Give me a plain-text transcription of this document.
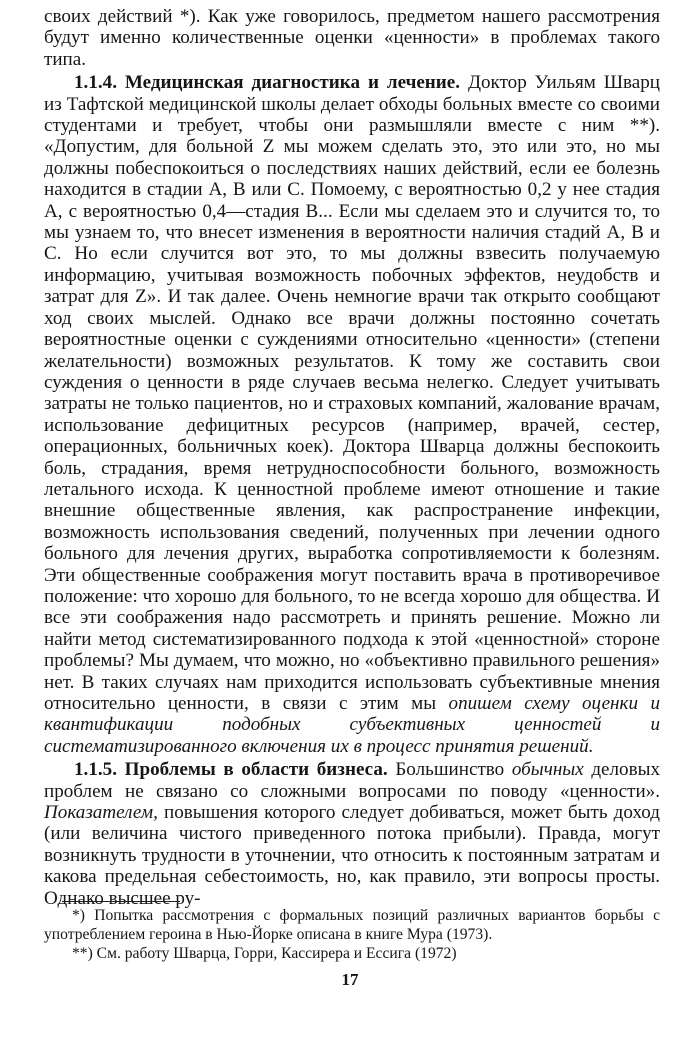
своих действий *). Как уже говорилось, предметом нашего рассмотрения будут именно количественные оценки «ценности» в проблемах такого типа.

1.1.4. Медицинская диагностика и лечение. Доктор Уильям Шварц из Тафтской медицинской школы делает обходы больных вместе со своими студентами и требует, чтобы они размышляли вместе с ним **). «Допустим, для больной Z мы можем сделать это, это или это, но мы должны побеспокоиться о последствиях наших действий, если ее болезнь находится в стадии А, В или С. Помоему, с вероятностью 0,2 у нее стадия А, с вероятностью 0,4—стадия В... Если мы сделаем это и случится то, то мы узнаем то, что внесет изменения в вероятности наличия стадий А, В и С. Но если случится вот это, то мы должны взвесить получаемую информацию, учитывая возможность побочных эффектов, неудобств и затрат для Z». И так далее. Очень немногие врачи так открыто сообщают ход своих мыслей. Однако все врачи должны постоянно сочетать вероятностные оценки с суждениями относительно «ценности» (степени желательности) возможных результатов. К тому же составить свои суждения о ценности в ряде случаев весьма нелегко. Следует учитывать затраты не только пациентов, но и страховых компаний, жалование врачам, использование дефицитных ресурсов (например, врачей, сестер, операционных, больничных коек). Доктора Шварца должны беспокоить боль, страдания, время нетрудноспособности больного, возможность летального исхода. К ценностной проблеме имеют отношение и такие внешние общественные явления, как распространение инфекции, возможность использования сведений, полученных при лечении одного больного для лечения других, выработка сопротивляемости к болезням. Эти общественные соображения могут поставить врача в противоречивое положение: что хорошо для больного, то не всегда хорошо для общества. И все эти соображения надо рассмотреть и принять решение. Можно ли найти метод систематизированного подхода к этой «ценностной» стороне проблемы? Мы думаем, что можно, но «объективно правильного решения» нет. В таких случаях нам приходится использовать субъективные мнения относительно ценности, в связи с этим мы опишем схему оценки и квантификации подобных субъективных ценностей и систематизированного включения их в процесс принятия решений.

1.1.5. Проблемы в области бизнеса. Большинство обычных деловых проблем не связано со сложными вопросами по поводу «ценности». Показателем, повышения которого следует добиваться, может быть доход (или величина чистого приведенного потока прибыли). Правда, могут возникнуть трудности в уточнении, что относить к постоянным затратам и какова предельная себестоимость, но, как правило, эти вопросы просты. Однако высшее ру-

*) Попытка рассмотрения с формальных позиций различных вариантов борьбы с употреблением героина в Нью-Йорке описана в книге Мура (1973).

**) См. работу Шварца, Горри, Кассирера и Ессига (1972)

17
